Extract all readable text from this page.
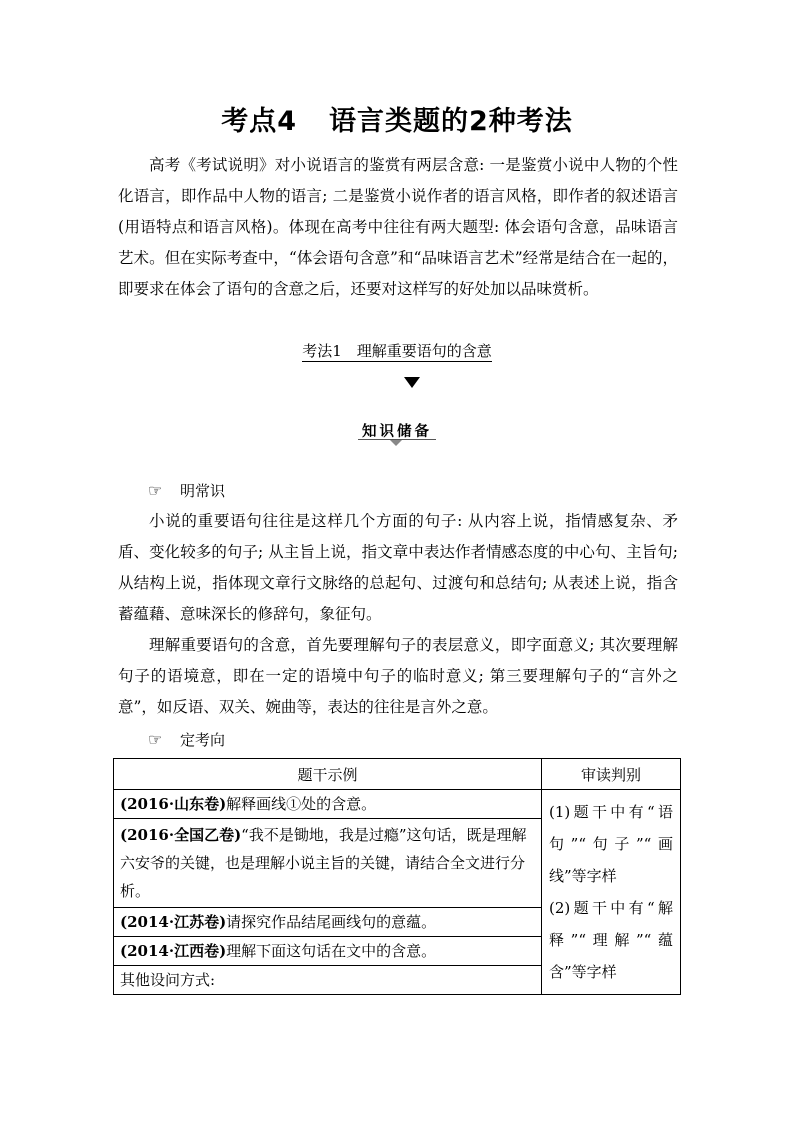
考点4 语言类题的2种考法
高考《考试说明》对小说语言的鉴赏有两层含意: 一是鉴赏小说中人物的个性化语言，即作品中人物的语言; 二是鉴赏小说作者的语言风格，即作者的叙述语言(用语特点和语言风格)。体现在高考中往往有两大题型: 体会语句含意，品味语言艺术。但在实际考查中，“体会语句含意”和“品味语言艺术”经常是结合在一起的，即要求在体会了语句的含意之后，还要对这样写的好处加以品味赏析。
考法1　理解重要语句的含意
知识储备
☞ 明常识
小说的重要语句往往是这样几个方面的句子: 从内容上说，指情感复杂、矛盾、变化较多的句子; 从主旨上说，指文章中表达作者情感态度的中心句、主旨句; 从结构上说，指体现文章行文脉络的总起句、过渡句和总结句; 从表述上说，指含蓄蕴藉、意味深长的修辞句，象征句。
理解重要语句的含意，首先要理解句子的表层意义，即字面意义; 其次要理解句子的语境意，即在一定的语境中句子的临时意义; 第三要理解句子的“言外之意”，如反语、双关、婉曲等，表达的往往是言外之意。
☞ 定考向
题干示例	审读判别
(2016·山东卷)解释画线①处的含意。	(1)题干中有“语句”“句子”“画线”等字样
(2)题干中有“解释”“理解”“蕴含”等字样
(2016·全国乙卷)“我不是锄地，我是过瘾”这句话，既是理解六安爷的关键，也是理解小说主旨的关键，请结合全文进行分析。	
(2014·江苏卷)请探究作品结尾画线句的意蕴。	
(2014·江西卷)理解下面这句话在文中的含意。	
其他设问方式:	
